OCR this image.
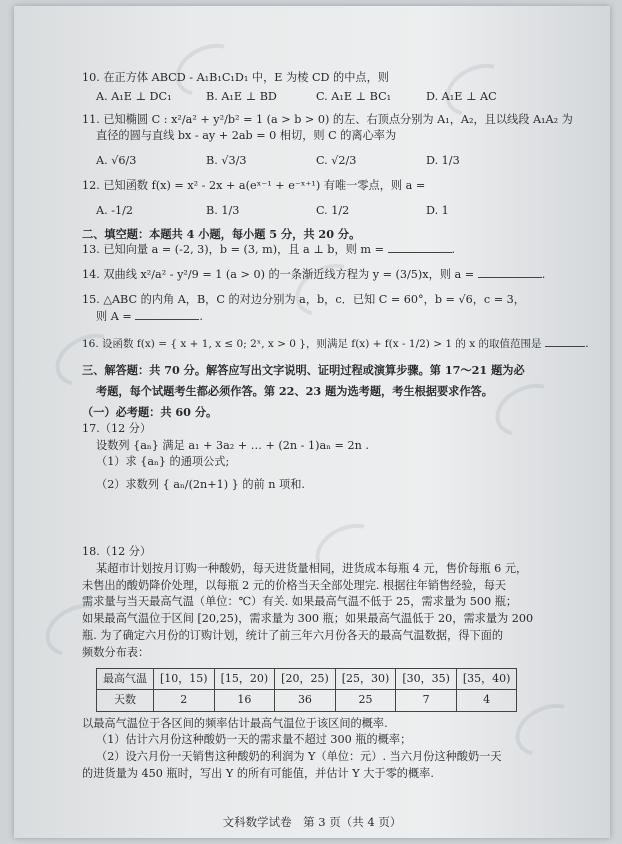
10. 在正方体 ABCD - A₁B₁C₁D₁ 中，E 为棱 CD 的中点，则
A. A₁E ⊥ DC₁	B. A₁E ⊥ BD	C. A₁E ⊥ BC₁	D. A₁E ⊥ AC
11. 已知椭圆 C : x²/a² + y²/b² = 1 (a > b > 0) 的左、右顶点分别为 A₁，A₂，且以线段 A₁A₂ 为
直径的圆与直线 bx - ay + 2ab = 0 相切，则 C 的离心率为
A. √6/3	B. √3/3	C. √2/3	D. 1/3
12. 已知函数 f(x) = x² - 2x + a(eˣ⁻¹ + e⁻ˣ⁺¹) 有唯一零点，则 a =
A. -1/2	B. 1/3	C. 1/2	D. 1
二、填空题：本题共 4 小题，每小题 5 分，共 20 分。
13. 已知向量 a = (-2, 3)，b = (3, m)，且 a ⊥ b，则 m =	.
14. 双曲线 x²/a² - y²/9 = 1 (a > 0) 的一条渐近线方程为 y = (3/5)x，则 a =	.
15. △ABC 的内角 A，B，C 的对边分别为 a，b，c．已知 C = 60°，b = √6，c = 3，
则 A =	.
16. 设函数 f(x) = { x + 1, x ≤ 0; 2ˣ, x > 0 }，则满足 f(x) + f(x - 1/2) > 1 的 x 的取值范围是	.
三、解答题：共 70 分。解答应写出文字说明、证明过程或演算步骤。第 17～21 题为必
考题，每个试题考生都必须作答。第 22、23 题为选考题，考生根据要求作答。
（一）必考题：共 60 分。
17.（12 分）
设数列 {aₙ} 满足 a₁ + 3a₂ + … + (2n - 1)aₙ = 2n .
（1）求 {aₙ} 的通项公式;
（2）求数列 { aₙ/(2n+1) } 的前 n 项和.
18.（12 分）
某超市计划按月订购一种酸奶，每天进货量相同，进货成本每瓶 4 元，售价每瓶 6 元，
未售出的酸奶降价处理，以每瓶 2 元的价格当天全部处理完. 根据往年销售经验，每天
需求量与当天最高气温（单位：℃）有关. 如果最高气温不低于 25，需求量为 500 瓶；
如果最高气温位于区间 [20,25)，需求量为 300 瓶；如果最高气温低于 20，需求量为 200
瓶. 为了确定六月份的订购计划，统计了前三年六月份各天的最高气温数据，得下面的
频数分布表：
最高气温	[10，15)	[15，20)	[20，25)	[25，30)	[30，35)	[35，40)
天数	2	16	36	25	7	4
以最高气温位于各区间的频率估计最高气温位于该区间的概率.
（1）估计六月份这种酸奶一天的需求量不超过 300 瓶的概率；
（2）设六月份一天销售这种酸奶的利润为 Y（单位：元）. 当六月份这种酸奶一天
的进货量为 450 瓶时，写出 Y 的所有可能值，并估计 Y 大于零的概率.
文科数学试卷　第 3 页（共 4 页）
